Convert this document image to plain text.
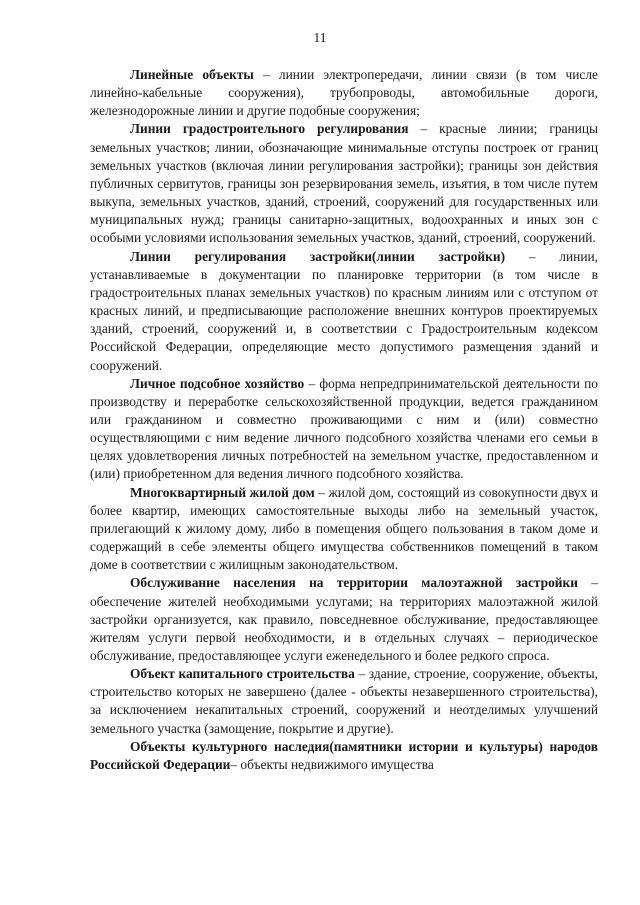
11

Линейные объекты – линии электропередачи, линии связи (в том числе линейно-кабельные сооружения), трубопроводы, автомобильные дороги, железнодорожные линии и другие подобные сооружения;

Линии градостроительного регулирования – красные линии; границы земельных участков; линии, обозначающие минимальные отступы построек от границ земельных участков (включая линии регулирования застройки); границы зон действия публичных сервитутов, границы зон резервирования земель, изъятия, в том числе путем выкупа, земельных участков, зданий, строений, сооружений для государственных или муниципальных нужд; границы санитарно-защитных, водоохранных и иных зон с особыми условиями использования земельных участков, зданий, строений, сооружений.

Линии регулирования застройки(линии застройки) – линии, устанавливаемые в документации по планировке территории (в том числе в градостроительных планах земельных участков) по красным линиям или с отступом от красных линий, и предписывающие расположение внешних контуров проектируемых зданий, строений, сооружений и, в соответствии с Градостроительным кодексом Российской Федерации, определяющие место допустимого размещения зданий и сооружений.

Личное подсобное хозяйство – форма непредпринимательской деятельности по производству и переработке сельскохозяйственной продукции, ведется гражданином или гражданином и совместно проживающими с ним и (или) совместно осуществляющими с ним ведение личного подсобного хозяйства членами его семьи в целях удовлетворения личных потребностей на земельном участке, предоставленном и (или) приобретенном для ведения личного подсобного хозяйства.

Многоквартирный жилой дом – жилой дом, состоящий из совокупности двух и более квартир, имеющих самостоятельные выходы либо на земельный участок, прилегающий к жилому дому, либо в помещения общего пользования в таком доме и содержащий в себе элементы общего имущества собственников помещений в таком доме в соответствии с жилищным законодательством.

Обслуживание населения на территории малоэтажной застройки – обеспечение жителей необходимыми услугами; на территориях малоэтажной жилой застройки организуется, как правило, повседневное обслуживание, предоставляющее жителям услуги первой необходимости, и в отдельных случаях – периодическое обслуживание, предоставляющее услуги еженедельного и более редкого спроса.

Объект капитального строительства – здание, строение, сооружение, объекты, строительство которых не завершено (далее - объекты незавершенного строительства), за исключением некапитальных строений, сооружений и неотделимых улучшений земельного участка (замощение, покрытие и другие).

Объекты культурного наследия(памятники истории и культуры) народов Российской Федерации– объекты недвижимого имущества
